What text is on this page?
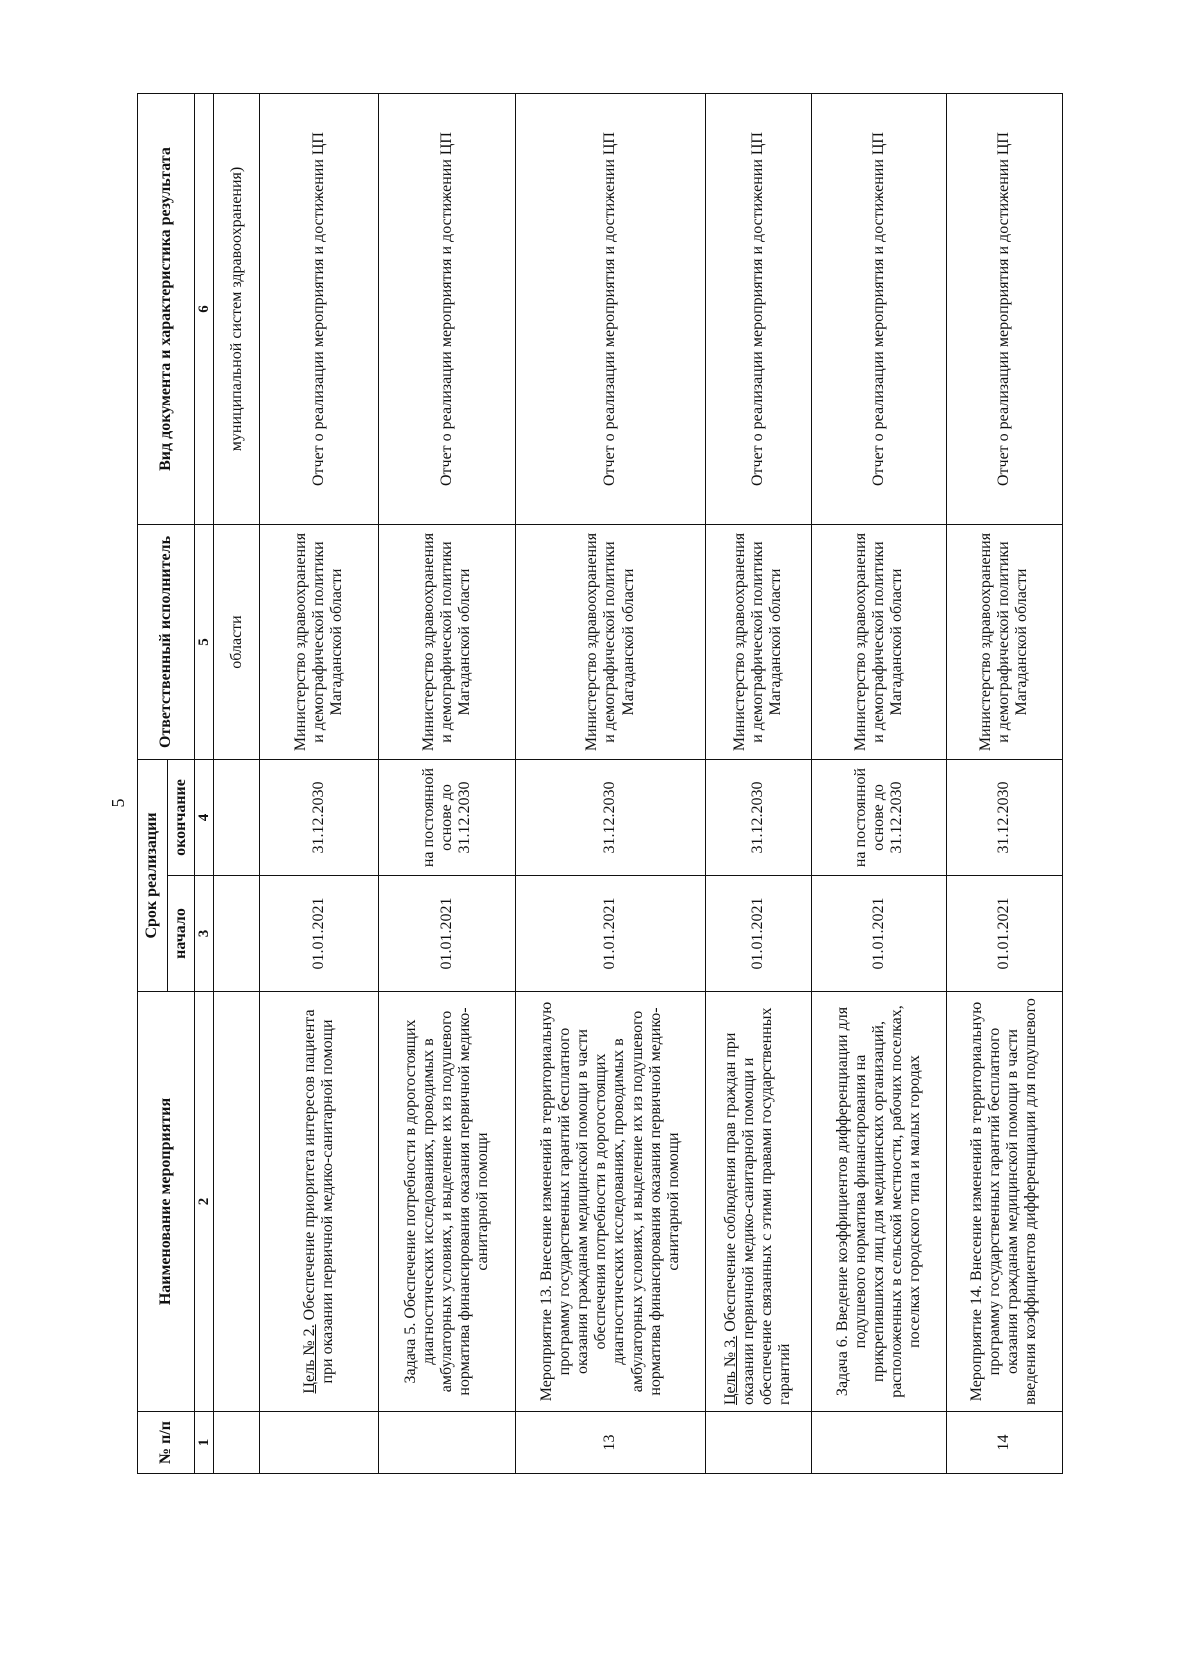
5
№ п/п	Наименование мероприятия	Срок реализации		Ответственный исполнитель	Вид документа и характеристика результата
		начало	окончание		
1	2	3	4	5	6
				области	муниципальной систем здравоохранения)
	Цель № 2. Обеспечение приоритета интересов пациента при оказании первичной медико-санитарной помощи	01.01.2021	31.12.2030	Министерство здравоохранения и демографической политики Магаданской области	Отчет о реализации мероприятия и достижении ЦП
	Задача 5. Обеспечение потребности в дорогостоящих диагностических исследованиях, проводимых в амбулаторных условиях, и выделение их из подушевого норматива финансирования оказания первичной медико-санитарной помощи	01.01.2021	на постоянной основе до 31.12.2030	Министерство здравоохранения и демографической политики Магаданской области	Отчет о реализации мероприятия и достижении ЦП
13	Мероприятие 13. Внесение изменений в территориальную программу государственных гарантий бесплатного оказания гражданам медицинской помощи в части обеспечения потребности в дорогостоящих диагностических исследованиях, проводимых в амбулаторных условиях, и выделение их из подушевого норматива финансирования оказания первичной медико-санитарной помощи	01.01.2021	31.12.2030	Министерство здравоохранения и демографической политики Магаданской области	Отчет о реализации мероприятия и достижении ЦП
	Цель № 3. Обеспечение соблюдения прав граждан при оказании первичной медико-санитарной помощи и обеспечение связанных с этими правами государственных гарантий	01.01.2021	31.12.2030	Министерство здравоохранения и демографической политики Магаданской области	Отчет о реализации мероприятия и достижении ЦП
	Задача 6. Введение коэффициентов дифференциации для подушевого норматива финансирования на прикрепившихся лиц для медицинских организаций, расположенных в сельской местности, рабочих поселках, поселках городского типа и малых городах	01.01.2021	на постоянной основе до 31.12.2030	Министерство здравоохранения и демографической политики Магаданской области	Отчет о реализации мероприятия и достижении ЦП
14	Мероприятие 14. Внесение изменений в территориальную программу государственных гарантий бесплатного оказания гражданам медицинской помощи в части введения коэффициентов дифференциации для подушевого	01.01.2021	31.12.2030	Министерство здравоохранения и демографической политики Магаданской области	Отчет о реализации мероприятия и достижении ЦП
